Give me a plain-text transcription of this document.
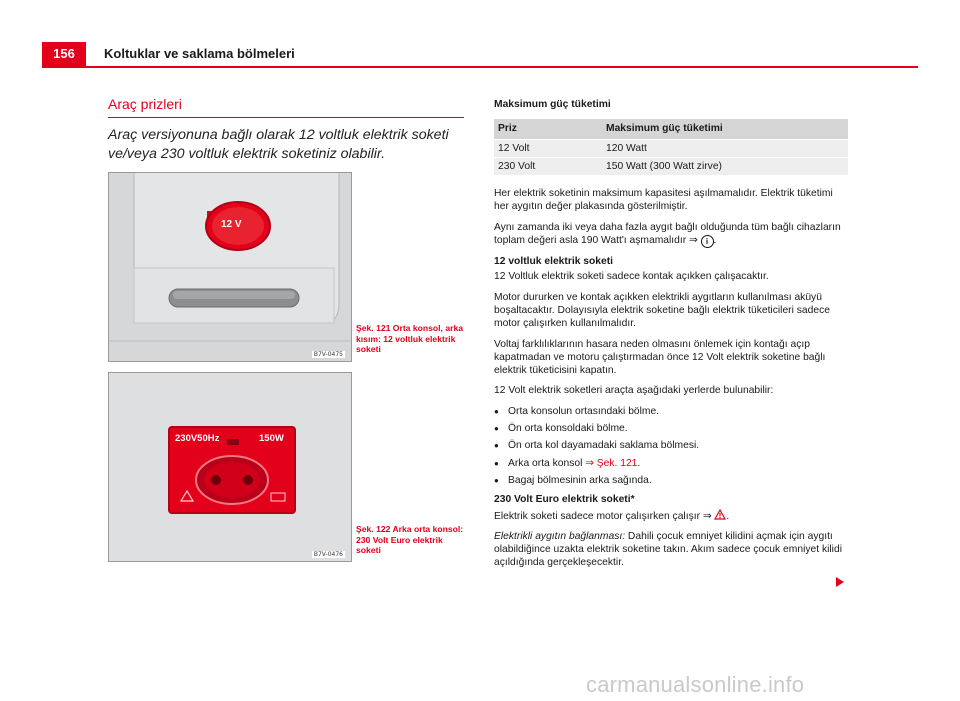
156	Koltuklar ve saklama bölmeleri
Araç prizleri
Araç versiyonuna bağlı olarak 12 voltluk elektrik soketi ve/veya 230 voltluk elektrik soketiniz olabilir.
12 V
B7V-0475
Şek. 121 Orta konsol, arka kısım: 12 voltluk elektrik soketi
230V50Hz	150W
B7V-0476
Şek. 122 Arka orta konsol: 230 Volt Euro elektrik soketi
Maksimum güç tüketimi
Priz	Maksimum güç tüketimi
12 Volt	120 Watt
230 Volt	150 Watt (300 Watt zirve)

Her elektrik soketinin maksimum kapasitesi aşılmamalıdır. Elektrik tüketimi her aygıtın değer plakasında gösterilmiştir.

Aynı zamanda iki veya daha fazla aygıt bağlı olduğunda tüm bağlı cihazların toplam değeri asla 190 Watt'ı aşmamalıdır ⇒ i .

12 voltluk elektrik soketi

12 Voltluk elektrik soketi sadece kontak açıkken çalışacaktır.

Motor dururken ve kontak açıkken elektrikli aygıtların kullanılması aküyü boşaltacaktır. Dolayısıyla elektrik soketine bağlı elektrik tüketicileri sadece motor çalışırken kullanılmalıdır.

Voltaj farklılıklarının hasara neden olmasını önlemek için kontağı açıp kapatmadan ve motoru çalıştırmadan önce 12 Volt elektrik soketine bağlı elektrik tüketicisini kapatın.

12 Volt elektrik soketleri araçta aşağıdaki yerlerde bulunabilir:

● Orta konsolun ortasındaki bölme.
● Ön orta konsoldaki bölme.
● Ön orta kol dayamadaki saklama bölmesi.
● Arka orta konsol ⇒ Şek. 121.
● Bagaj bölmesinin arka sağında.
230 Volt Euro elektrik soketi*

Elektrik soketi sadece motor çalışırken çalışır ⇒ .

Elektrikli aygıtın bağlanması: Dahili çocuk emniyet kilidini açmak için aygıtı olabildiğince uzakta elektrik soketine takın. Akım sadece çocuk emniyet kilidi açıldığında gerçekleşecektir.

carmanualsonline.info
